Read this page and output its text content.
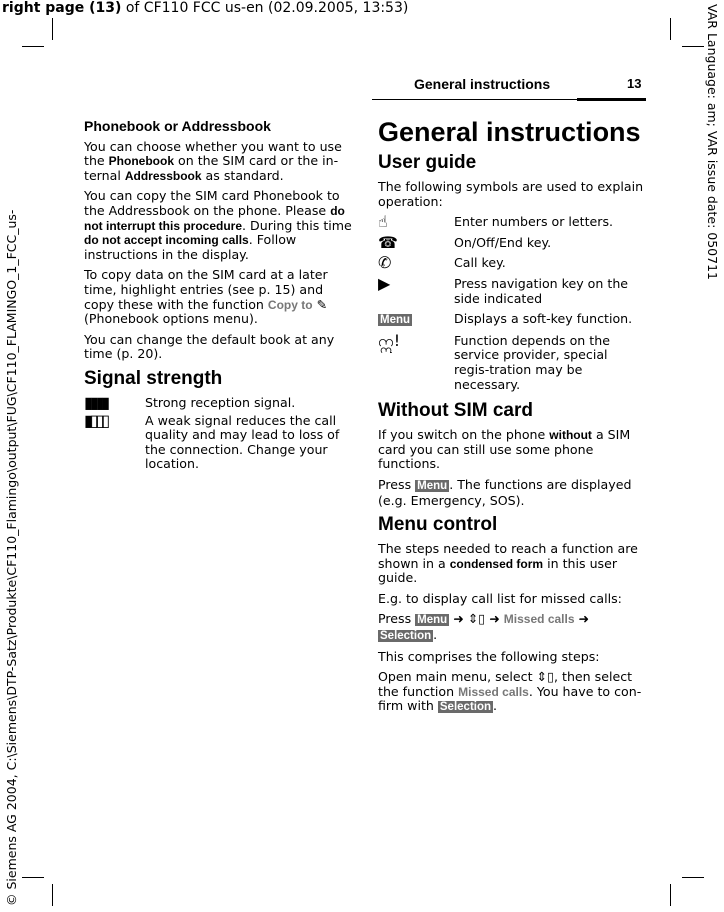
right page (13) of CF110 FCC us-en (02.09.2005, 13:53)
© Siemens AG 2004, C:\Siemens\DTP-Satz\Produkte\CF110_Flamingo\output\FUG\CF110_FLAMINGO_1_FCC_us-
VAR Language: am; VAR issue date: 050711
General instructions	13
Phonebook or Addressbook

You can choose whether you want to use the Phonebook on the SIM card or the in-ternal Addressbook as standard.

You can copy the SIM card Phonebook to the Addressbook on the phone. Please do not interrupt this procedure. During this time do not accept incoming calls. Follow instructions in the display.

To copy data on the SIM card at a later time, highlight entries (see p. 15) and copy these with the function Copy to ✎ (Phonebook options menu).

You can change the default book at any time (p. 20).

Signal strength
▮▮▮▮	Strong reception signal.
▮▯▯▯	A weak signal reduces the call quality and may lead to loss of the connection. Change your location.
General instructions
User guide

The following symbols are used to explain operation:

☝	Enter numbers or letters.
☎	On/Off/End key.
✆	Call key.
▶	Press navigation key on the side indicated
Menu	Displays a soft-key function.
ဣ!	Function depends on the service provider, special regis-tration may be necessary.
Without SIM card

If you switch on the phone without a SIM card you can still use some phone functions.

Press Menu . The functions are displayed (e.g. Emergency, SOS).

Menu control

The steps needed to reach a function are shown in a condensed form in this user guide.

E.g. to display call list for missed calls:

Press Menu ➜ ⇕▯ ➜ Missed calls ➜ Selection .

This comprises the following steps:

Open main menu, select ⇕▯, then select the function Missed calls. You have to con-firm with Selection .
